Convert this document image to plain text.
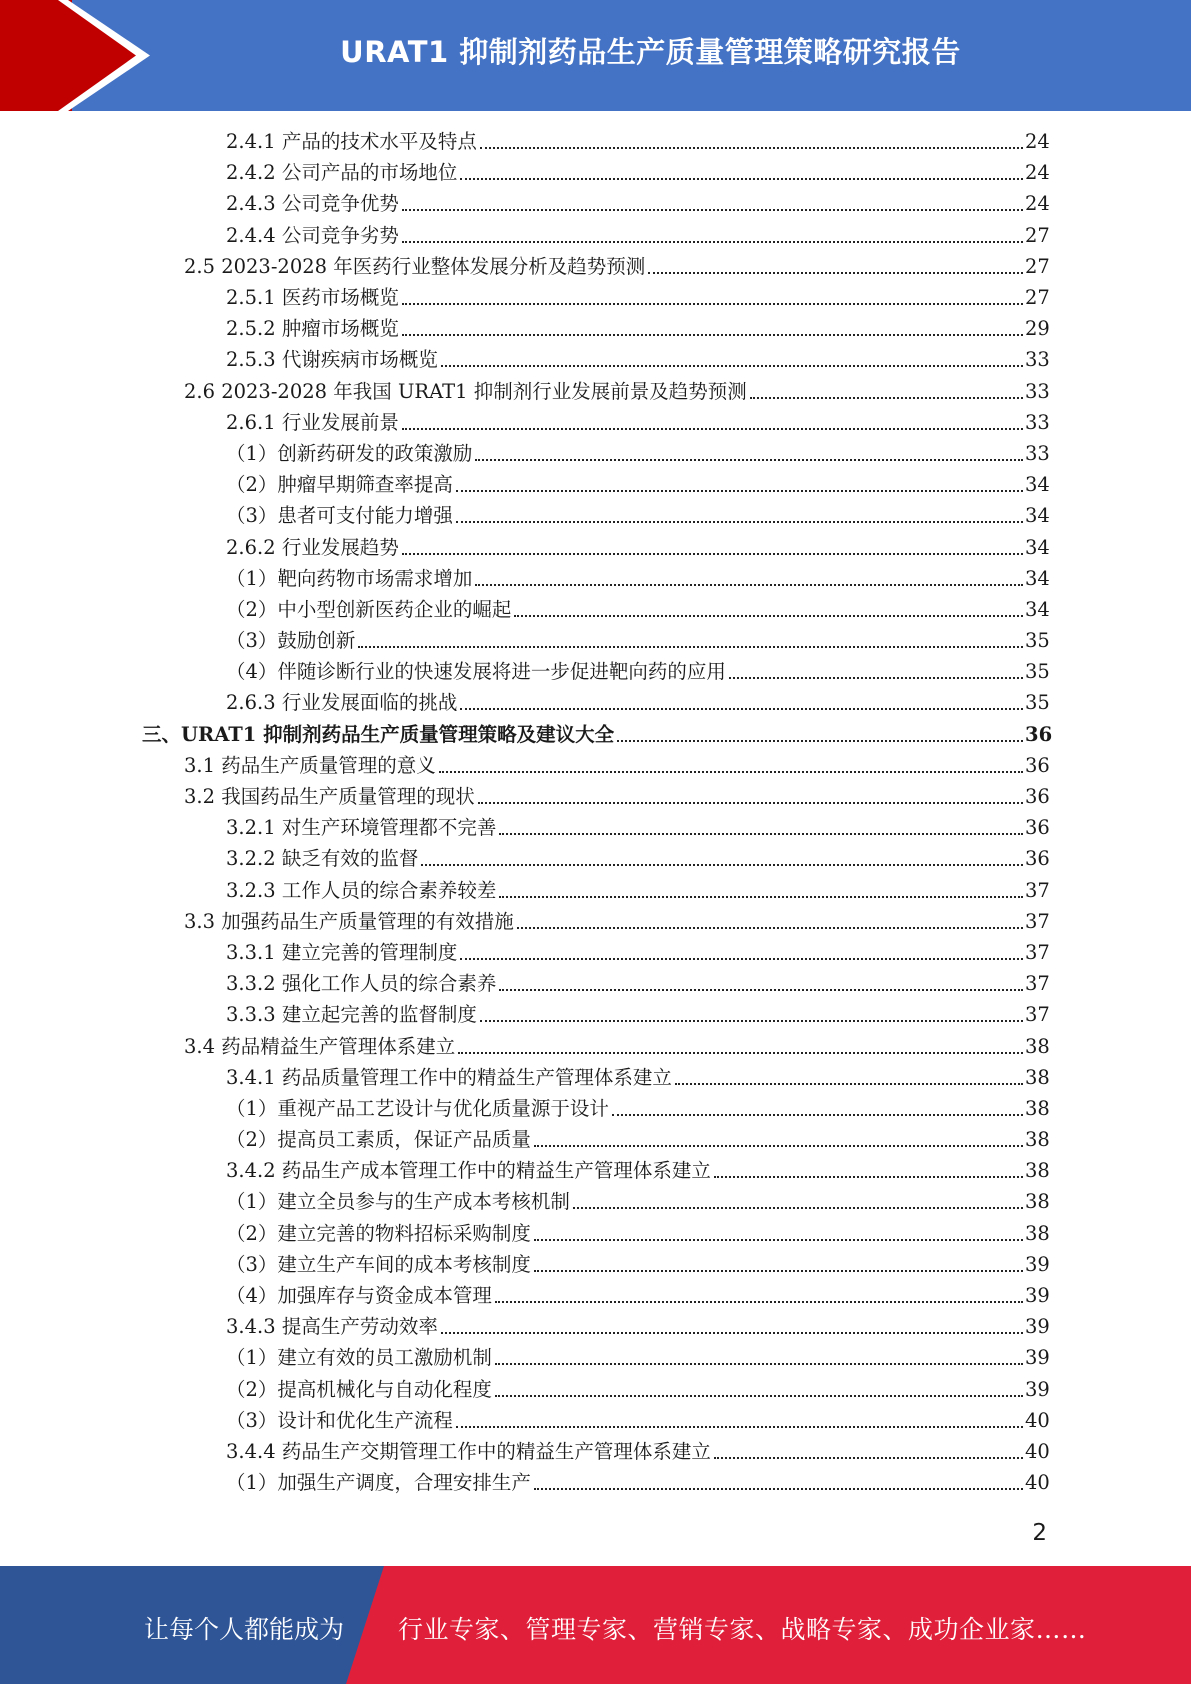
URAT1 抑制剂药品生产质量管理策略研究报告
2.4.1 产品的技术水平及特点	24
2.4.2 公司产品的市场地位	24
2.4.3 公司竞争优势	24
2.4.4 公司竞争劣势	27
2.5 2023-2028 年医药行业整体发展分析及趋势预测	27
2.5.1 医药市场概览	27
2.5.2 肿瘤市场概览	29
2.5.3 代谢疾病市场概览	33
2.6 2023-2028 年我国 URAT1 抑制剂行业发展前景及趋势预测	33
2.6.1 行业发展前景	33
（1）创新药研发的政策激励	33
（2）肿瘤早期筛查率提高	34
（3）患者可支付能力增强	34
2.6.2 行业发展趋势	34
（1）靶向药物市场需求增加	34
（2）中小型创新医药企业的崛起	34
（3）鼓励创新	35
（4）伴随诊断行业的快速发展将进一步促进靶向药的应用	35
2.6.3 行业发展面临的挑战	35
三、URAT1 抑制剂药品生产质量管理策略及建议大全	36
3.1 药品生产质量管理的意义	36
3.2 我国药品生产质量管理的现状	36
3.2.1 对生产环境管理都不完善	36
3.2.2 缺乏有效的监督	36
3.2.3 工作人员的综合素养较差	37
3.3 加强药品生产质量管理的有效措施	37
3.3.1 建立完善的管理制度	37
3.3.2 强化工作人员的综合素养	37
3.3.3 建立起完善的监督制度	37
3.4 药品精益生产管理体系建立	38
3.4.1 药品质量管理工作中的精益生产管理体系建立	38
（1）重视产品工艺设计与优化质量源于设计	38
（2）提高员工素质，保证产品质量	38
3.4.2 药品生产成本管理工作中的精益生产管理体系建立	38
（1）建立全员参与的生产成本考核机制	38
（2）建立完善的物料招标采购制度	38
（3）建立生产车间的成本考核制度	39
（4）加强库存与资金成本管理	39
3.4.3 提高生产劳动效率	39
（1）建立有效的员工激励机制	39
（2）提高机械化与自动化程度	39
（3）设计和优化生产流程	40
3.4.4 药品生产交期管理工作中的精益生产管理体系建立	40
（1）加强生产调度，合理安排生产	40
2
让每个人都能成为 行业专家、管理专家、营销专家、战略专家、成功企业家……
